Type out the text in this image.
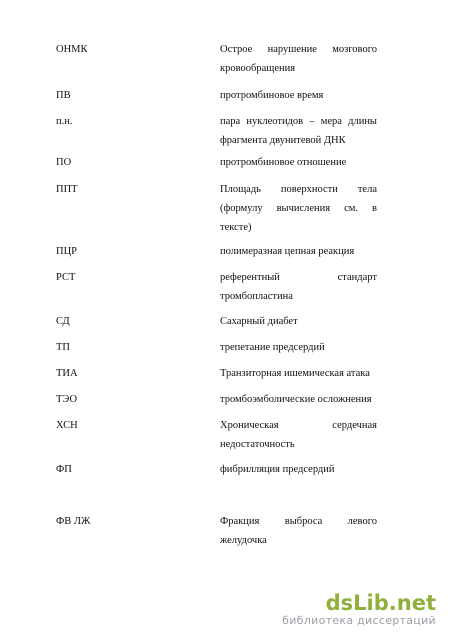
ОНМК	Острое нарушение мозгового
кровообращения
ПВ	протромбиновое время
п.н.	пара нуклеотидов – мера длины
фрагмента двунитевой ДНК
ПО	протромбиновое отношение
ППТ	Площадь поверхности тела
(формулу вычисления см. в
тексте)
ПЦР	полимеразная цепная реакция
РСТ	референтный стандарт
тромбопластина
СД	Сахарный диабет
ТП	трепетание предсердий
ТИА	Транзиторная ишемическая атака
ТЭО	тромбоэмболические осложнения
ХСН	Хроническая сердечная
недостаточность
ФП	фибрилляция предсердий
ФВ ЛЖ	Фракция выброса левого
желудочка
dsLib.net
библиотека диссертаций
